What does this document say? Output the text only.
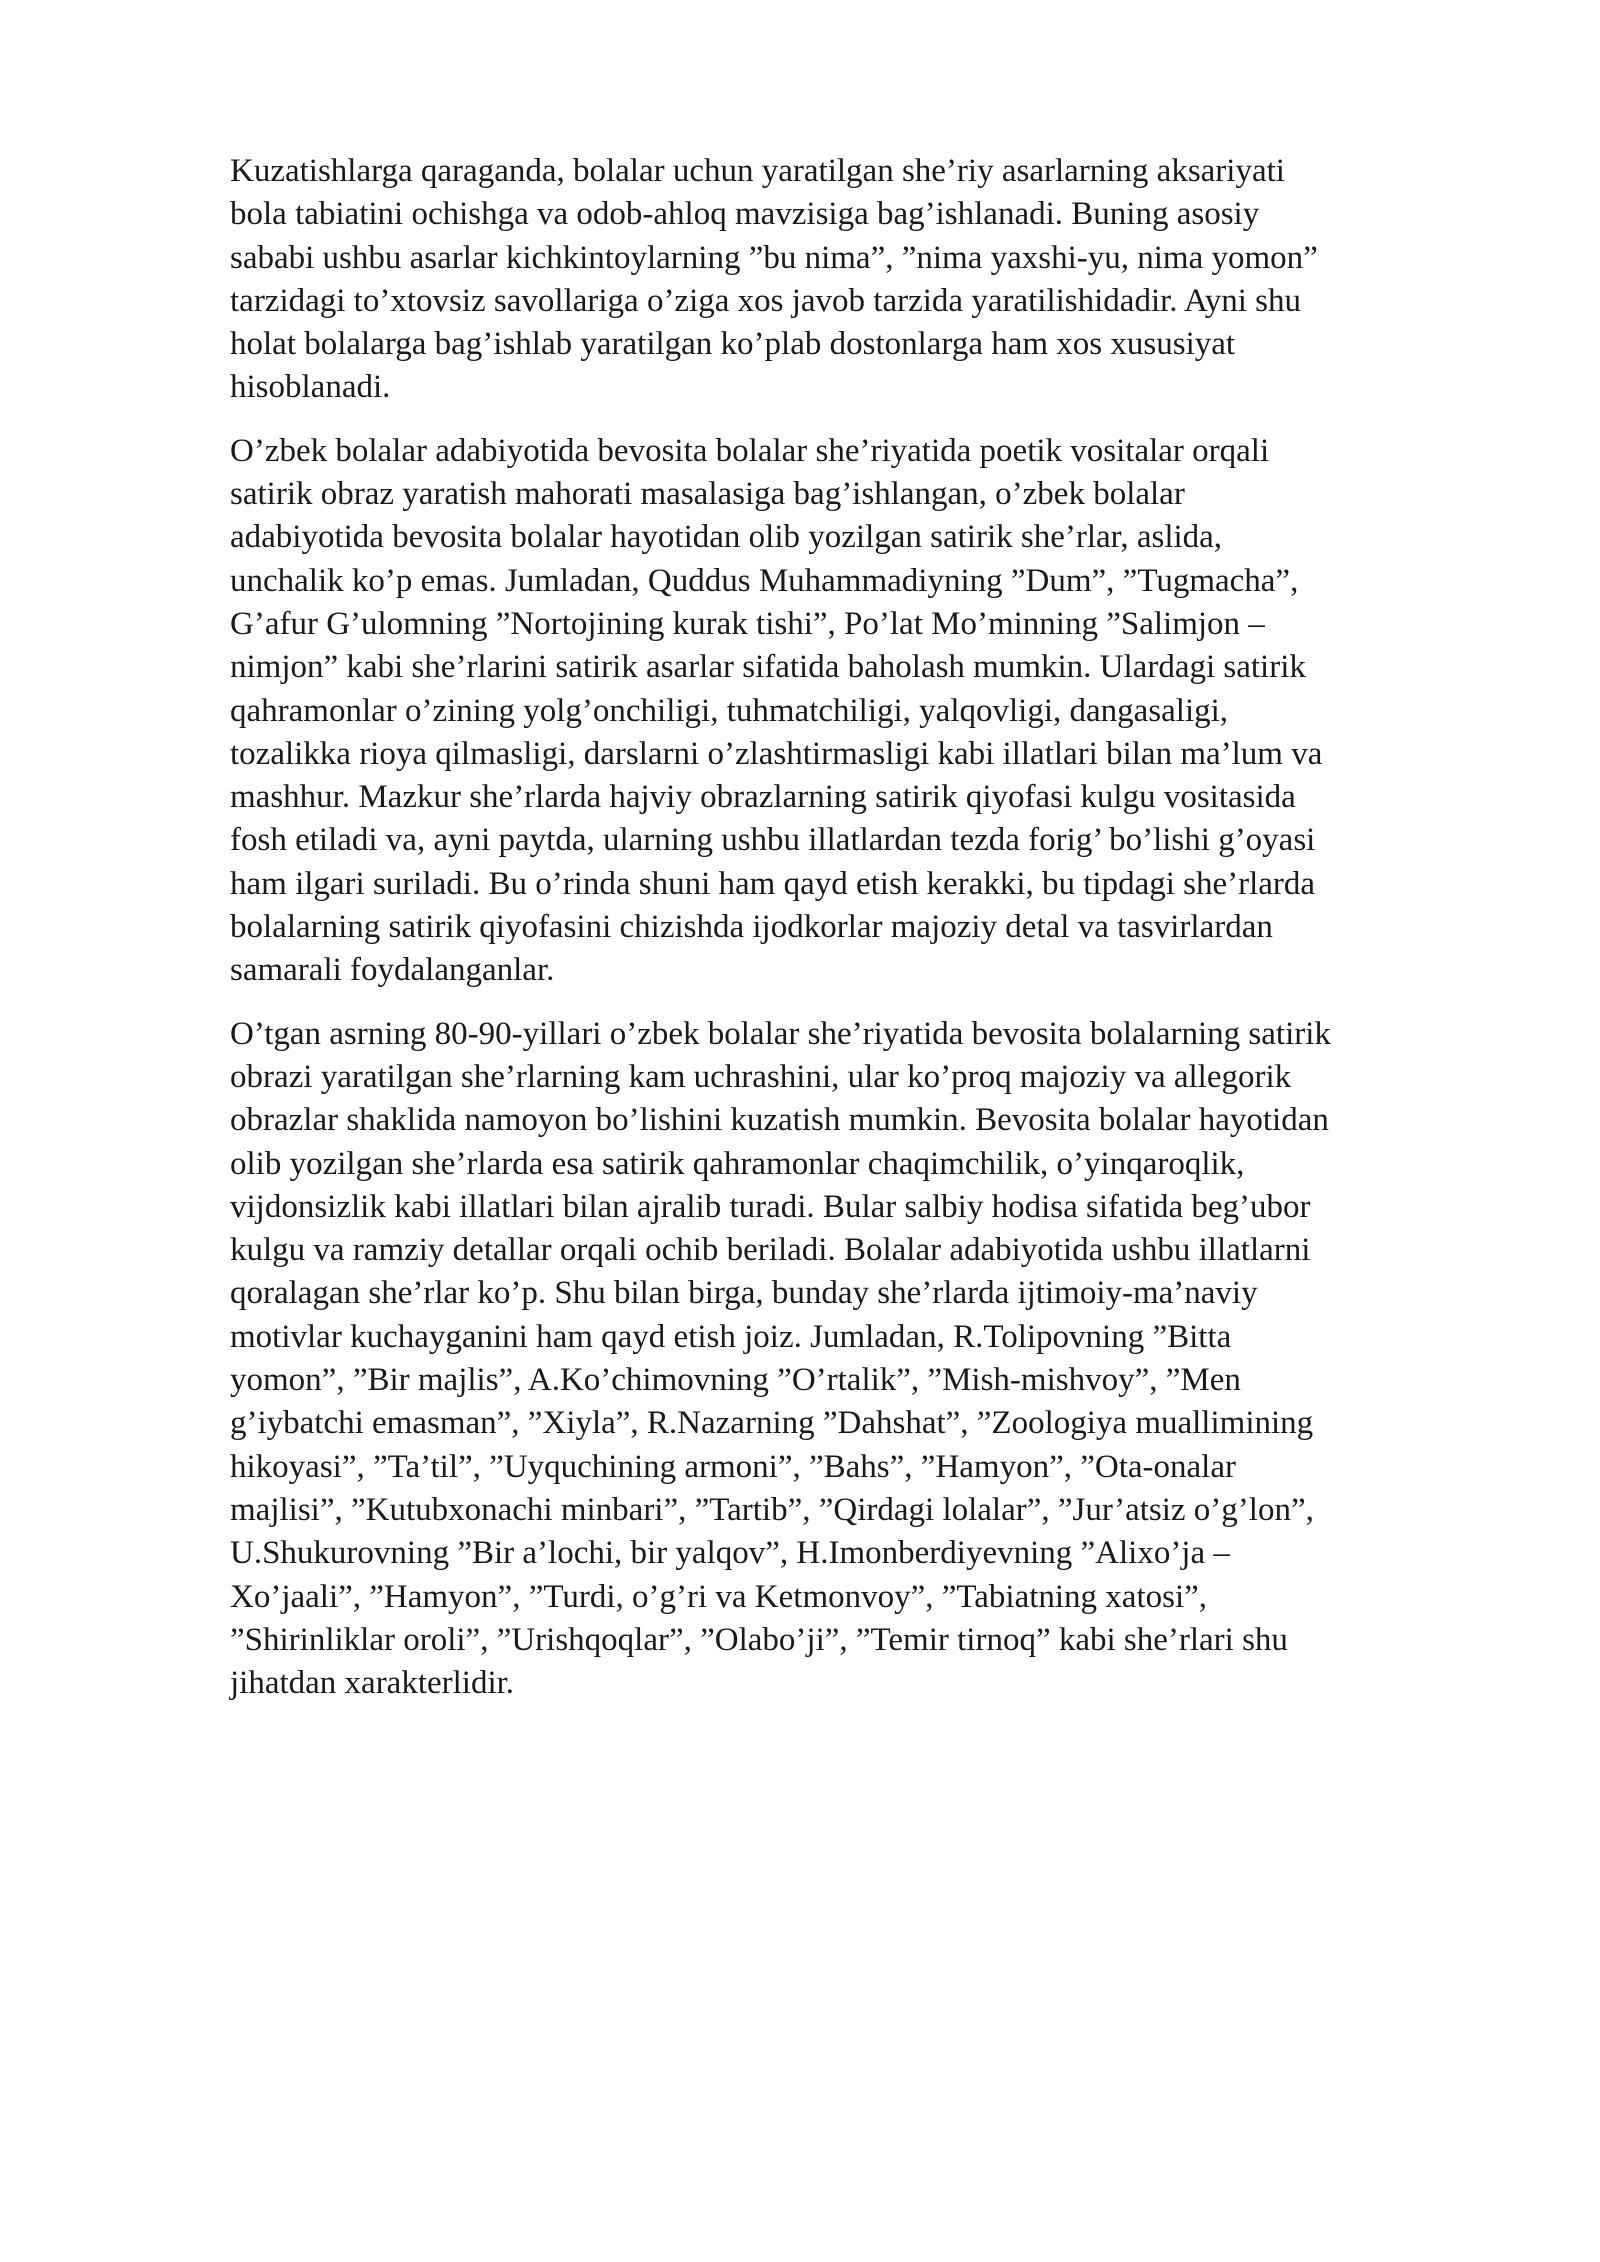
Kuzatishlarga qaraganda, bolalar uchun yaratilgan she’riy asarlarning aksariyati
bola tabiatini ochishga va odob-ahloq mavzisiga bag’ishlanadi. Buning asosiy
sababi ushbu asarlar kichkintoylarning ”bu nima”, ”nima yaxshi-yu, nima yomon”
tarzidagi to’xtovsiz savollariga o’ziga xos javob tarzida yaratilishidadir. Ayni shu
holat bolalarga bag’ishlab yaratilgan ko’plab dostonlarga ham xos xususiyat
hisoblanadi.

O’zbek bolalar adabiyotida bevosita bolalar she’riyatida poetik vositalar orqali
satirik obraz yaratish mahorati masalasiga bag’ishlangan, o’zbek bolalar
adabiyotida bevosita bolalar hayotidan olib yozilgan satirik she’rlar, aslida,
unchalik ko’p emas. Jumladan, Quddus Muhammadiyning ”Dum”, ”Tugmacha”,
G’afur G’ulomning ”Nortojining kurak tishi”, Po’lat Mo’minning ”Salimjon –
nimjon” kabi she’rlarini satirik asarlar sifatida baholash mumkin. Ulardagi satirik
qahramonlar o’zining yolg’onchiligi, tuhmatchiligi, yalqovligi, dangasaligi,
tozalikka rioya qilmasligi, darslarni o’zlashtirmasligi kabi illatlari bilan ma’lum va
mashhur. Mazkur she’rlarda hajviy obrazlarning satirik qiyofasi kulgu vositasida
fosh etiladi va, ayni paytda, ularning ushbu illatlardan tezda forig’ bo’lishi g’oyasi
ham ilgari suriladi. Bu o’rinda shuni ham qayd etish kerakki, bu tipdagi she’rlarda
bolalarning satirik qiyofasini chizishda ijodkorlar majoziy detal va tasvirlardan
samarali foydalanganlar.

O’tgan asrning 80-90-yillari o’zbek bolalar she’riyatida bevosita bolalarning satirik
obrazi yaratilgan she’rlarning kam uchrashini, ular ko’proq majoziy va allegorik
obrazlar shaklida namoyon bo’lishini kuzatish mumkin. Bevosita bolalar hayotidan
olib yozilgan she’rlarda esa satirik qahramonlar chaqimchilik, o’yinqaroqlik,
vijdonsizlik kabi illatlari bilan ajralib turadi. Bular salbiy hodisa sifatida beg’ubor
kulgu va ramziy detallar orqali ochib beriladi. Bolalar adabiyotida ushbu illatlarni
qoralagan she’rlar ko’p. Shu bilan birga, bunday she’rlarda ijtimoiy-ma’naviy
motivlar kuchayganini ham qayd etish joiz. Jumladan, R.Tolipovning ”Bitta
yomon”, ”Bir majlis”, A.Ko’chimovning ”O’rtalik”, ”Mish-mishvoy”, ”Men
g’iybatchi emasman”, ”Xiyla”, R.Nazarning ”Dahshat”, ”Zoologiya muallimining
hikoyasi”, ”Ta’til”, ”Uyquchining armoni”, ”Bahs”, ”Hamyon”, ”Ota-onalar
majlisi”, ”Kutubxonachi minbari”, ”Tartib”, ”Qirdagi lolalar”, ”Jur’atsiz o’g’lon”,
U.Shukurovning ”Bir a’lochi, bir yalqov”, H.Imonberdiyevning ”Alixo’ja –
Xo’jaali”, ”Hamyon”, ”Turdi, o’g’ri va Ketmonvoy”, ”Tabiatning xatosi”,
”Shirinliklar oroli”, ”Urishqoqlar”, ”Olabo’ji”, ”Temir tirnoq” kabi she’rlari shu
jihatdan xarakterlidir.
